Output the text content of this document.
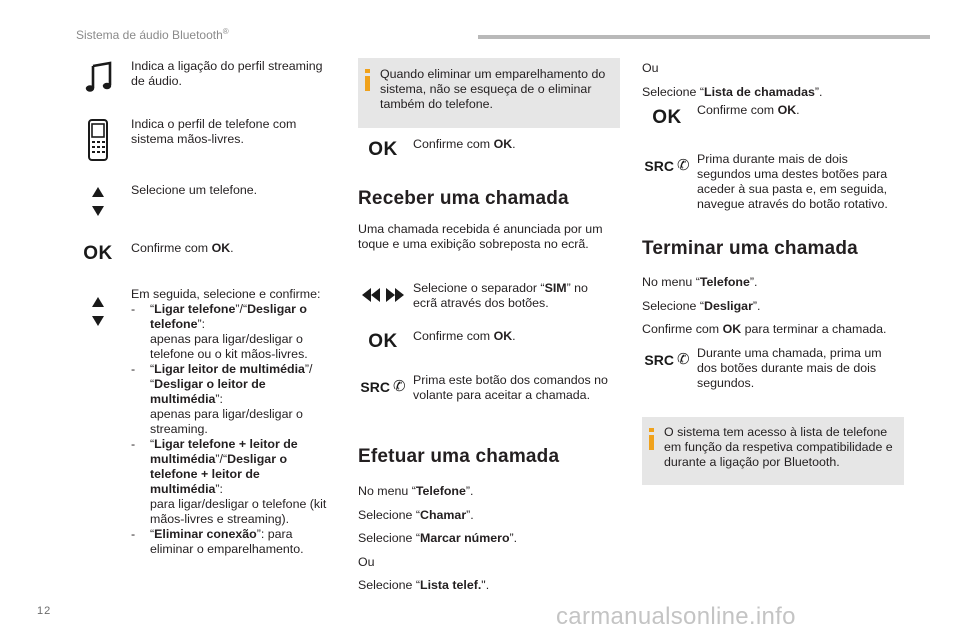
Sistema de áudio Bluetooth®
Indica a ligação do perfil streaming de áudio.
Indica o perfil de telefone com sistema mãos-livres.
Selecione um telefone.
OK Confirme com OK.
Em seguida, selecione e confirme:
-	“Ligar telefone”/“Desligar o telefone”:
apenas para ligar/desligar o telefone ou o kit mãos-livres.
-	“Ligar leitor de multimédia”/
“Desligar o leitor de multimédia”:
apenas para ligar/desligar o streaming.
-	“Ligar telefone + leitor de multimédia”/“Desligar o telefone + leitor de multimédia”:
para ligar/desligar o telefone (kit mãos-livres e streaming).
-	“Eliminar conexão”: para eliminar o emparelhamento.
Quando eliminar um emparelhamento do sistema, não se esqueça de o eliminar também do telefone.
OK Confirme com OK.
Receber uma chamada
Uma chamada recebida é anunciada por um toque e uma exibição sobreposta no ecrã.
Selecione o separador “SIM” no ecrã através dos botões.
OK Confirme com OK.
SRC ✆ Prima este botão dos comandos no volante para aceitar a chamada.
Efetuar uma chamada
No menu “Telefone”.
Selecione “Chamar”.
Selecione “Marcar número”.
Ou
Selecione “Lista telef.".
Ou
Selecione “Lista de chamadas”.
OK Confirme com OK.
SRC ✆ Prima durante mais de dois segundos uma destes botões para aceder à sua pasta e, em seguida, navegue através do botão rotativo.
Terminar uma chamada
No menu “Telefone”.
Selecione “Desligar”.
Confirme com OK para terminar a chamada.
SRC ✆ Durante uma chamada, prima um dos botões durante mais de dois segundos.
O sistema tem acesso à lista de telefone em função da respetiva compatibilidade e durante a ligação por Bluetooth.
12	carmanualsonline.info
